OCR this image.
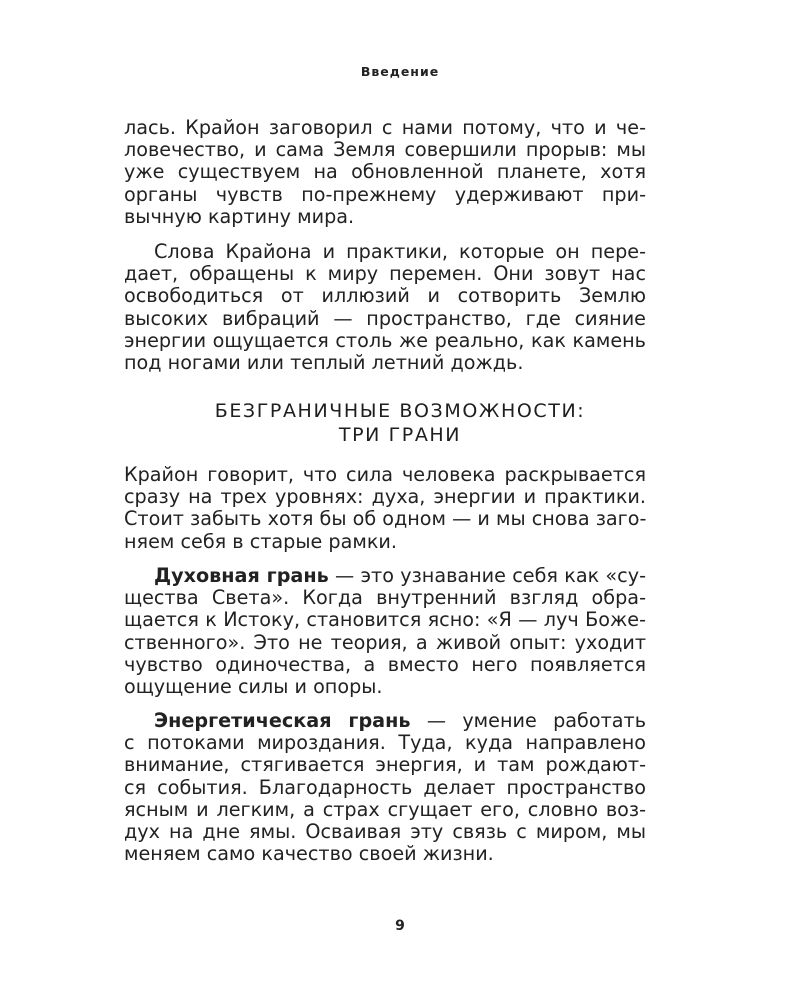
Введение
лась. Крайон заговорил с нами потому, что и че-
ловечество, и сама Земля совершили прорыв: мы
уже существуем на обновленной планете, хотя
органы чувств по-прежнему удерживают при-
вычную картину мира.
Слова Крайона и практики, которые он пере-
дает, обращены к миру перемен. Они зовут нас
освободиться от иллюзий и сотворить Землю
высоких вибраций — пространство, где сияние
энергии ощущается столь же реально, как камень
под ногами или теплый летний дождь.
БЕЗГРАНИЧНЫЕ ВОЗМОЖНОСТИ:
ТРИ ГРАНИ
Крайон говорит, что сила человека раскрывается
сразу на трех уровнях: духа, энергии и практики.
Стоит забыть хотя бы об одном — и мы снова заго-
няем себя в старые рамки.
Духовная грань — это узнавание себя как «су-
щества Света». Когда внутренний взгляд обра-
щается к Истоку, становится ясно: «Я — луч Боже-
ственного». Это не теория, а живой опыт: уходит
чувство одиночества, а вместо него появляется
ощущение силы и опоры.
Энергетическая грань — умение работать
с потоками мироздания. Туда, куда направлено
внимание, стягивается энергия, и там рождают-
ся события. Благодарность делает пространство
ясным и легким, а страх сгущает его, словно воз-
дух на дне ямы. Осваивая эту связь с миром, мы
меняем само качество своей жизни.
9
